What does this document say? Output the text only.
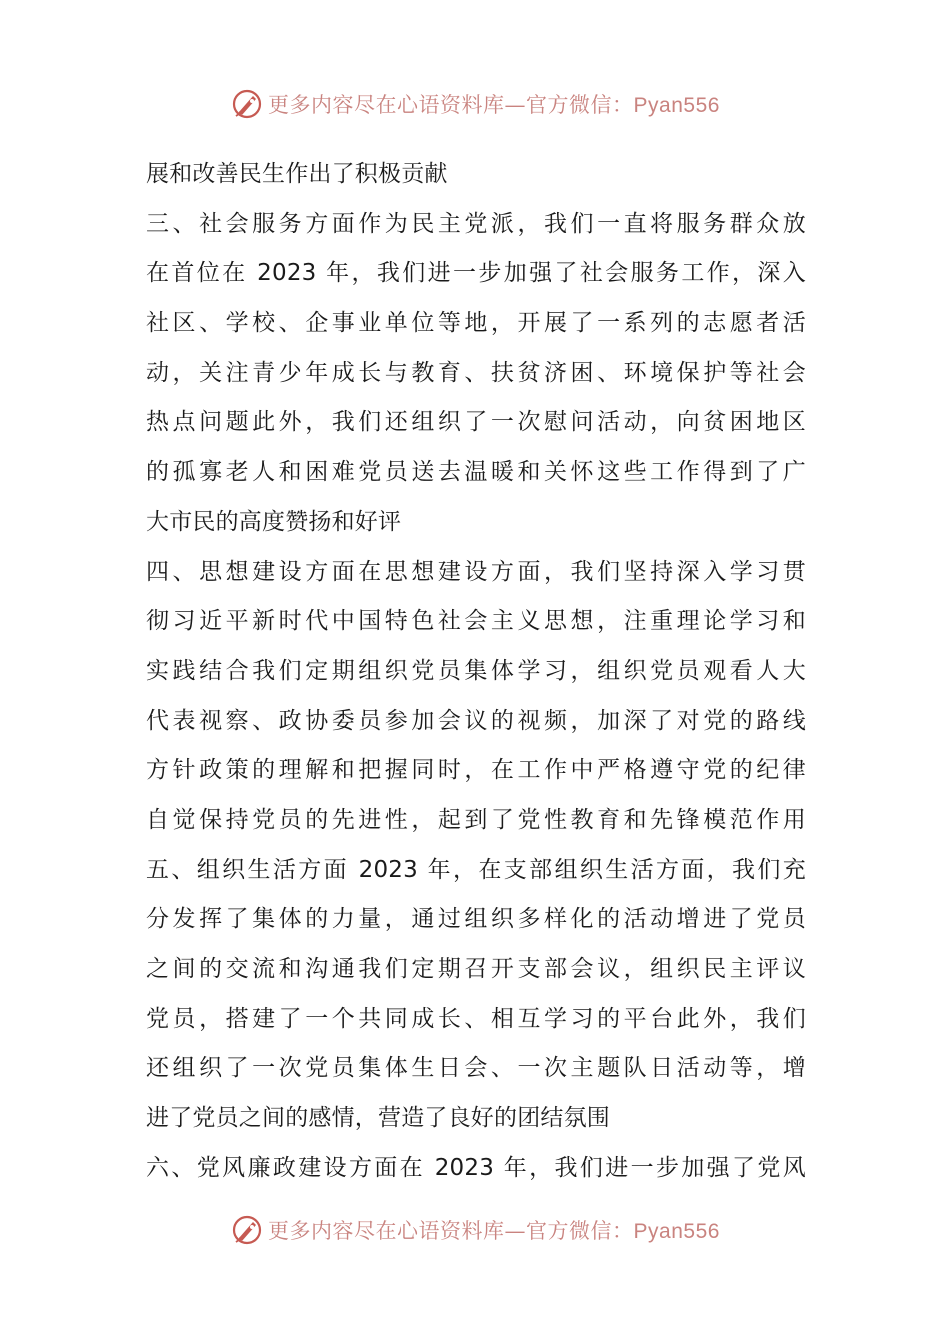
更多内容尽在心语资料库—官方微信：Pyan556
展和改善民生作出了积极贡献
三、社会服务方面作为民主党派，我们一直将服务群众放
在首位在 2023 年，我们进一步加强了社会服务工作，深入
社区、学校、企事业单位等地，开展了一系列的志愿者活
动，关注青少年成长与教育、扶贫济困、环境保护等社会
热点问题此外，我们还组织了一次慰问活动，向贫困地区
的孤寡老人和困难党员送去温暖和关怀这些工作得到了广
大市民的高度赞扬和好评
四、思想建设方面在思想建设方面，我们坚持深入学习贯
彻习近平新时代中国特色社会主义思想，注重理论学习和
实践结合我们定期组织党员集体学习，组织党员观看人大
代表视察、政协委员参加会议的视频，加深了对党的路线
方针政策的理解和把握同时，在工作中严格遵守党的纪律
自觉保持党员的先进性，起到了党性教育和先锋模范作用
五、组织生活方面 2023 年，在支部组织生活方面，我们充
分发挥了集体的力量，通过组织多样化的活动增进了党员
之间的交流和沟通我们定期召开支部会议，组织民主评议
党员，搭建了一个共同成长、相互学习的平台此外，我们
还组织了一次党员集体生日会、一次主题队日活动等，增
进了党员之间的感情，营造了良好的团结氛围
六、党风廉政建设方面在 2023 年，我们进一步加强了党风
更多内容尽在心语资料库—官方微信：Pyan556
